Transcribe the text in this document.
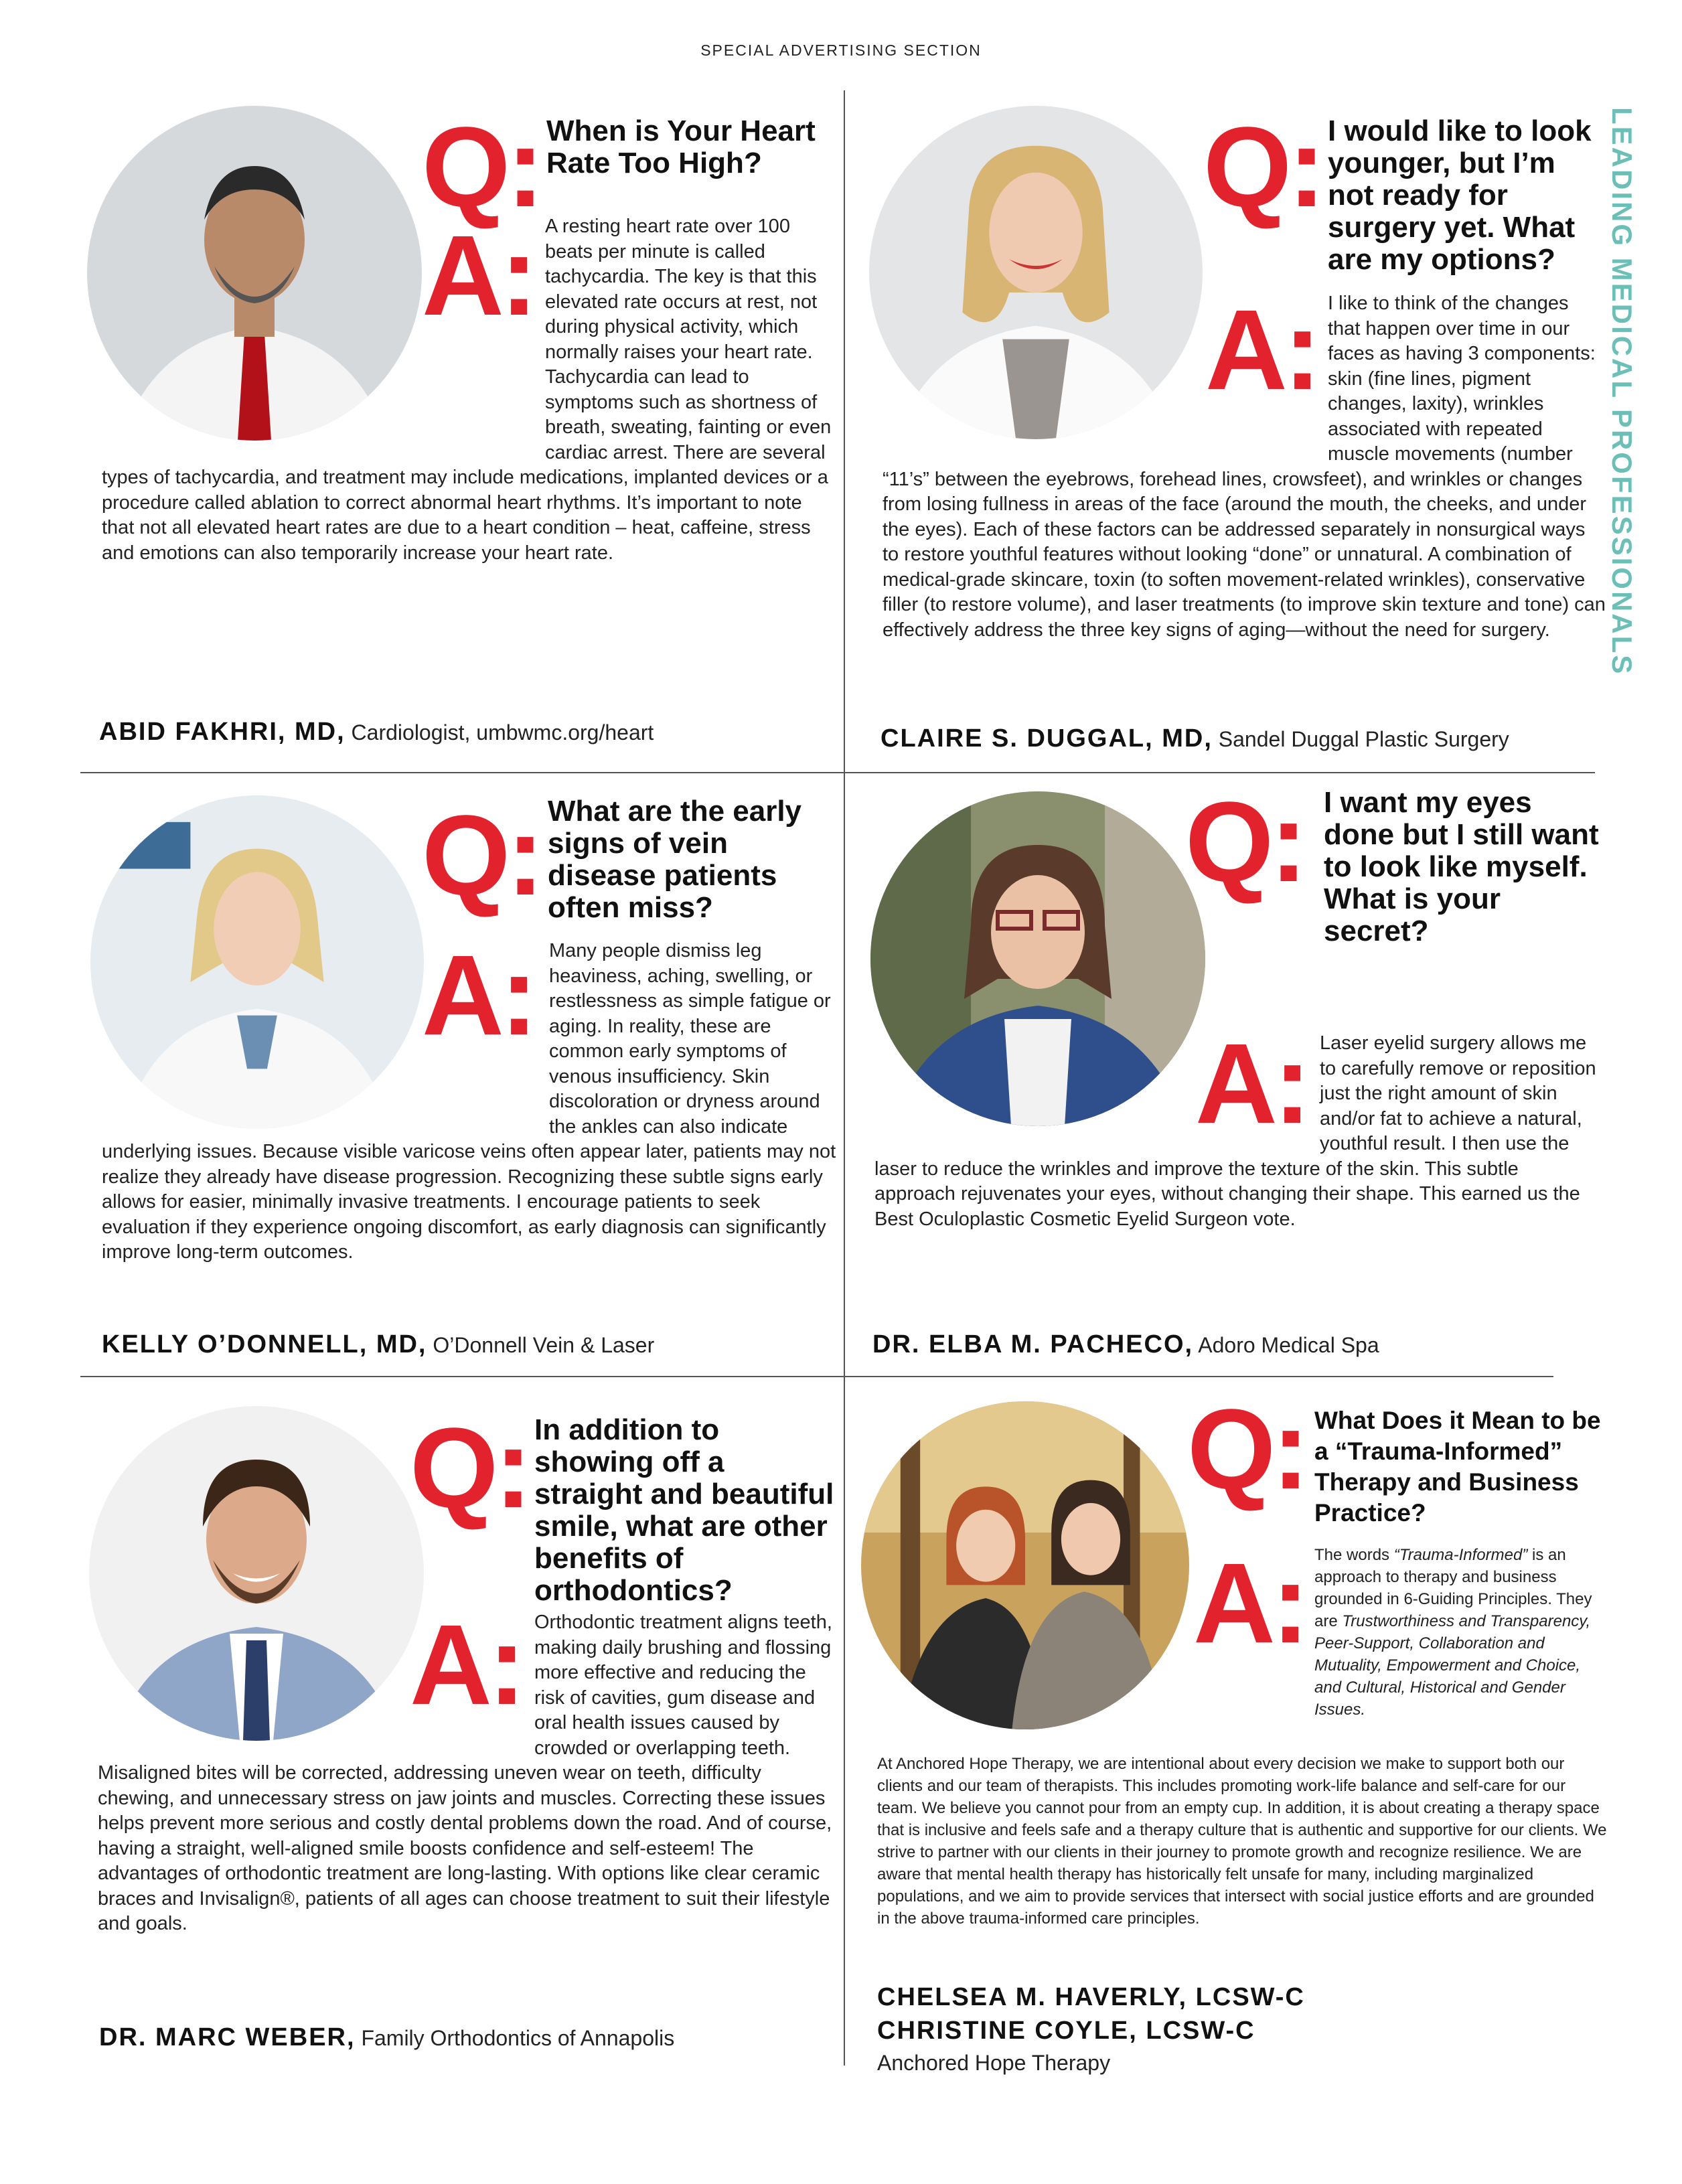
SPECIAL ADVERTISING SECTION
LEADING MEDICAL PROFESSIONALS
Q: When is Your Heart Rate Too High?
A: A resting heart rate over 100 beats per minute is called tachycardia. The key is that this elevated rate occurs at rest, not during physical activity, which normally raises your heart rate. Tachycardia can lead to symptoms such as shortness of breath, sweating, fainting or even cardiac arrest. There are several types of tachycardia, and treatment may include medications, implanted devices or a procedure called ablation to correct abnormal heart rhythms. It’s important to note that not all elevated heart rates are due to a heart condition – heat, caffeine, stress and emotions can also temporarily increase your heart rate.
ABID FAKHRI, MD, Cardiologist, umbwmc.org/heart
Q: I would like to look younger, but I’m not ready for surgery yet. What are my options?
A: I like to think of the changes that happen over time in our faces as having 3 components: skin (fine lines, pigment changes, laxity), wrinkles associated with repeated muscle movements (number “11’s” between the eyebrows, forehead lines, crowsfeet), and wrinkles or changes from losing fullness in areas of the face (around the mouth, the cheeks, and under the eyes). Each of these factors can be addressed separately in nonsurgical ways to restore youthful features without looking “done” or unnatural. A combination of medical-grade skincare, toxin (to soften movement-related wrinkles), conservative filler (to restore volume), and laser treatments (to improve skin texture and tone) can effectively address the three key signs of aging—without the need for surgery.
CLAIRE S. DUGGAL, MD, Sandel Duggal Plastic Surgery
Q: What are the early signs of vein disease patients often miss?
A: Many people dismiss leg heaviness, aching, swelling, or restlessness as simple fatigue or aging. In reality, these are common early symptoms of venous insufficiency. Skin discoloration or dryness around the ankles can also indicate underlying issues. Because visible varicose veins often appear later, patients may not realize they already have disease progression. Recognizing these subtle signs early allows for easier, minimally invasive treatments. I encourage patients to seek evaluation if they experience ongoing discomfort, as early diagnosis can significantly improve long-term outcomes.
KELLY O’DONNELL, MD, O’Donnell Vein & Laser
Q: I want my eyes done but I still want to look like myself. What is your secret?
A: Laser eyelid surgery allows me to carefully remove or reposition just the right amount of skin and/or fat to achieve a natural, youthful result. I then use the laser to reduce the wrinkles and improve the texture of the skin. This subtle approach rejuvenates your eyes, without changing their shape. This earned us the Best Oculoplastic Cosmetic Eyelid Surgeon vote.
DR. ELBA M. PACHECO, Adoro Medical Spa
Q: In addition to showing off a straight and beautiful smile, what are other benefits of orthodontics?
A: Orthodontic treatment aligns teeth, making daily brushing and flossing more effective and reducing the risk of cavities, gum disease and oral health issues caused by crowded or overlapping teeth. Misaligned bites will be corrected, addressing uneven wear on teeth, difficulty chewing, and unnecessary stress on jaw joints and muscles. Correcting these issues helps prevent more serious and costly dental problems down the road. And of course, having a straight, well-aligned smile boosts confidence and self-esteem! The advantages of orthodontic treatment are long-lasting. With options like clear ceramic braces and Invisalign®, patients of all ages can choose treatment to suit their lifestyle and goals.
DR. MARC WEBER, Family Orthodontics of Annapolis
Q: What Does it Mean to be a “Trauma-Informed” Therapy and Business Practice?
A: The words “Trauma-Informed” is an approach to therapy and business grounded in 6-Guiding Principles. They are Trustworthiness and Transparency, Peer-Support, Collaboration and Mutuality, Empowerment and Choice, and Cultural, Historical and Gender Issues.
At Anchored Hope Therapy, we are intentional about every decision we make to support both our clients and our team of therapists. This includes promoting work-life balance and self-care for our team. We believe you cannot pour from an empty cup. In addition, it is about creating a therapy space that is inclusive and feels safe and a therapy culture that is authentic and supportive for our clients. We strive to partner with our clients in their journey to promote growth and recognize resilience. We are aware that mental health therapy has historically felt unsafe for many, including marginalized populations, and we aim to provide services that intersect with social justice efforts and are grounded in the above trauma-informed care principles.
CHELSEA M. HAVERLY, LCSW-C
CHRISTINE COYLE, LCSW-C
Anchored Hope Therapy
